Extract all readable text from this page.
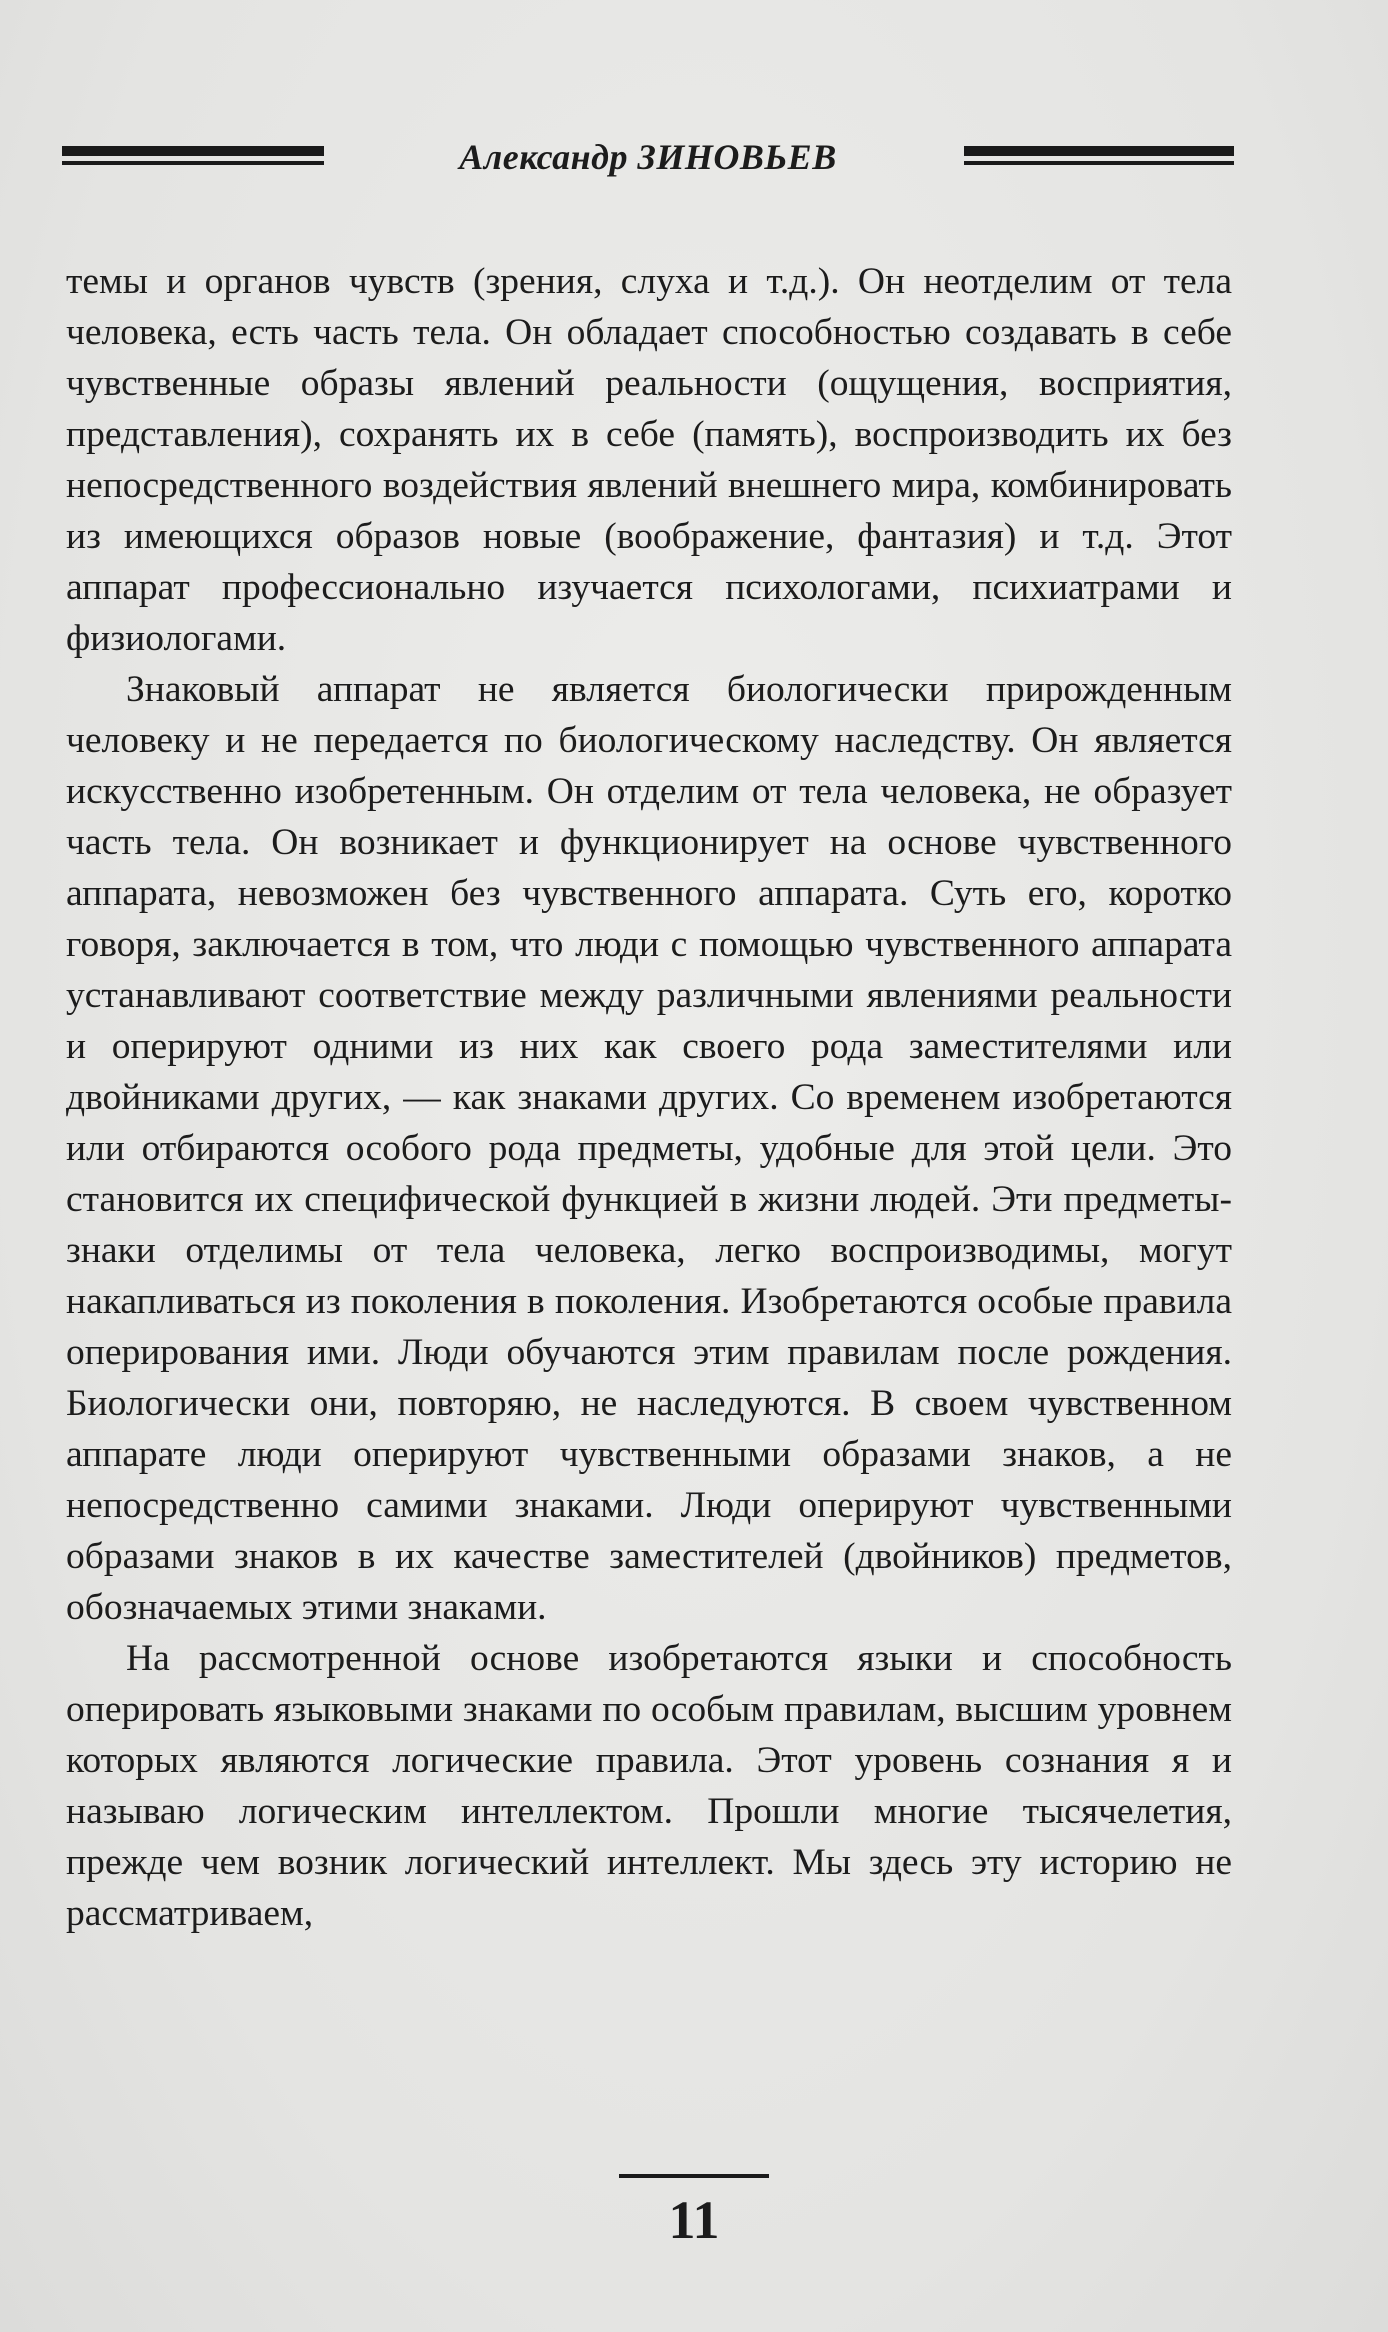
Александр ЗИНОВЬЕВ

темы и органов чувств (зрения, слуха и т.д.). Он неотделим от тела человека, есть часть тела. Он обладает способностью создавать в себе чувственные образы явлений реальности (ощущения, восприятия, представления), сохранять их в себе (память), воспроизводить их без непосредственного воздействия явлений внешнего мира, комбинировать из имеющихся образов новые (воображение, фантазия) и т.д. Этот аппарат профессионально изучается психологами, психиатрами и физиологами.

Знаковый аппарат не является биологически прирожденным человеку и не передается по биологическому наследству. Он является искусственно изобретенным. Он отделим от тела человека, не образует часть тела. Он возникает и функционирует на основе чувственного аппарата, невозможен без чувственного аппарата. Суть его, коротко говоря, заключается в том, что люди с помощью чувственного аппарата устанавливают соответствие между различными явлениями реальности и оперируют одними из них как своего рода заместителями или двойниками других, — как знаками других. Со временем изобретаются или отбираются особого рода предметы, удобные для этой цели. Это становится их специфической функцией в жизни людей. Эти предметы-знаки отделимы от тела человека, легко воспроизводимы, могут накапливаться из поколения в поколения. Изобретаются особые правила оперирования ими. Люди обучаются этим правилам после рождения. Биологически они, повторяю, не наследуются. В своем чувственном аппарате люди оперируют чувственными образами знаков, а не непосредственно самими знаками. Люди оперируют чувственными образами знаков в их качестве заместителей (двойников) предметов, обозначаемых этими знаками.

На рассмотренной основе изобретаются языки и способность оперировать языковыми знаками по особым правилам, высшим уровнем которых являются логические правила. Этот уровень сознания я и называю логическим интеллектом. Прошли многие тысячелетия, прежде чем возник логический интеллект. Мы здесь эту историю не рассматриваем,

11
